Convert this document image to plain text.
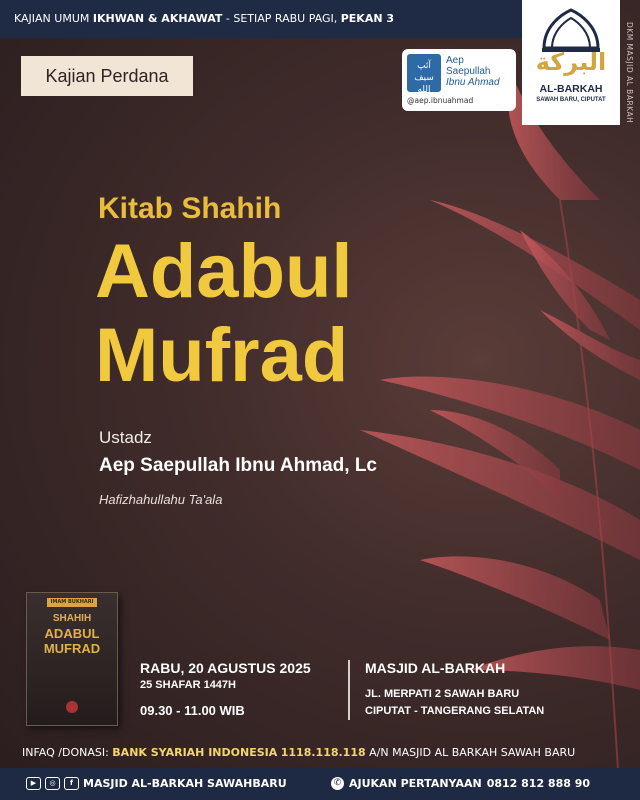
KAJIAN UMUM IKHWAN & AKHAWAT - SETIAP RABU PAGI, PEKAN 3
البركة
AL-BARKAH
SAWAH BARU, CIPUTAT	DKM MASJID AL BARKAH
Kajian Perdana	آئپ سيف الله
Aep
Saepullah
Ibnu Ahmad
@aep.ibnuahmad
Kitab Shahih
Adabul
Mufrad
Ustadz
Aep Saepullah Ibnu Ahmad, Lc
Hafizhahullahu Ta'ala
IMAM BUKHARI
SHAHIH
ADABUL
MUFRAD
RABU, 20 AGUSTUS 2025
25 SHAFAR 1447H
09.30 - 11.00 WIB
MASJID AL-BARKAH
JL. MERPATI 2 SAWAH BARU
CIPUTAT - TANGERANG SELATAN
INFAQ /DONASI: BANK SYARIAH INDONESIA 1118.118.118 A/N MASJID AL BARKAH SAWAH BARU
▶	◎	f MASJID AL-BARKAH SAWAHBARU	✆ AJUKAN PERTANYAAN 0812 812 888 90
